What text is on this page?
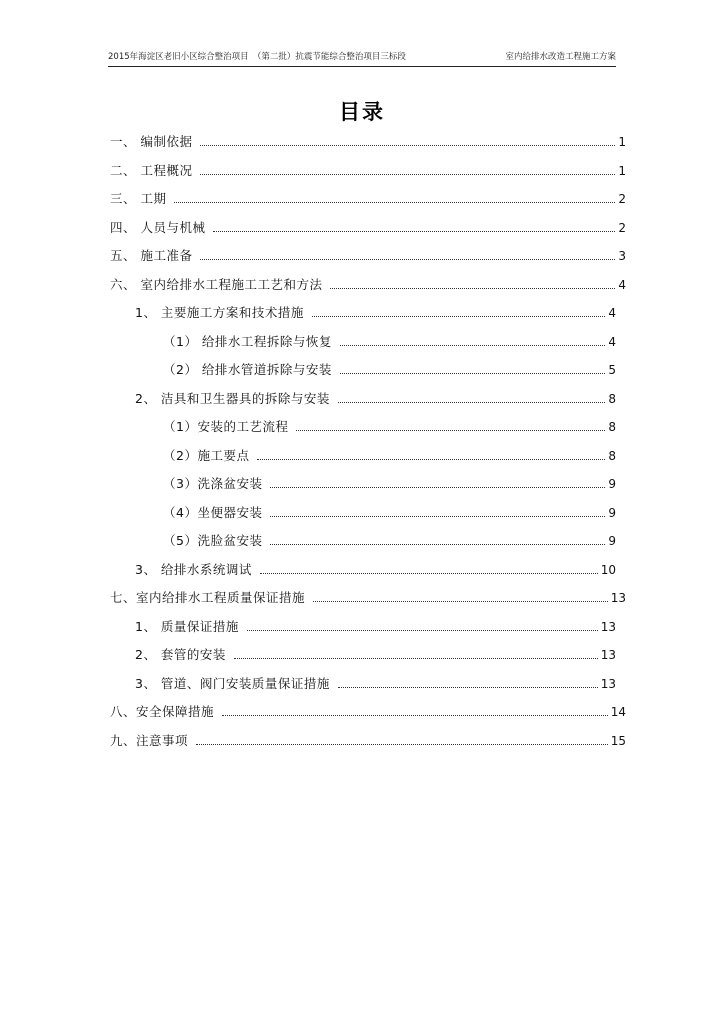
2015年海淀区老旧小区综合整治项目　（第二批）抗震节能综合整治项目三标段	室内给排水改造工程施工方案
目录
一、 编制依据	1
二、 工程概况	1
三、 工期	2
四、 人员与机械	2
五、 施工准备	3
六、 室内给排水工程施工工艺和方法	4
1、 主要施工方案和技术措施	4
（1） 给排水工程拆除与恢复	4
（2） 给排水管道拆除与安装	5
2、 洁具和卫生器具的拆除与安装	8
（1）安装的工艺流程	8
（2）施工要点	8
（3）洗涤盆安装	9
（4）坐便器安装	9
（5）洗脸盆安装	9
3、 给排水系统调试	10
七、室内给排水工程质量保证措施	13
1、 质量保证措施	13
2、 套管的安装	13
3、 管道、阀门安装质量保证措施	13
八、安全保障措施	14
九、注意事项	15
